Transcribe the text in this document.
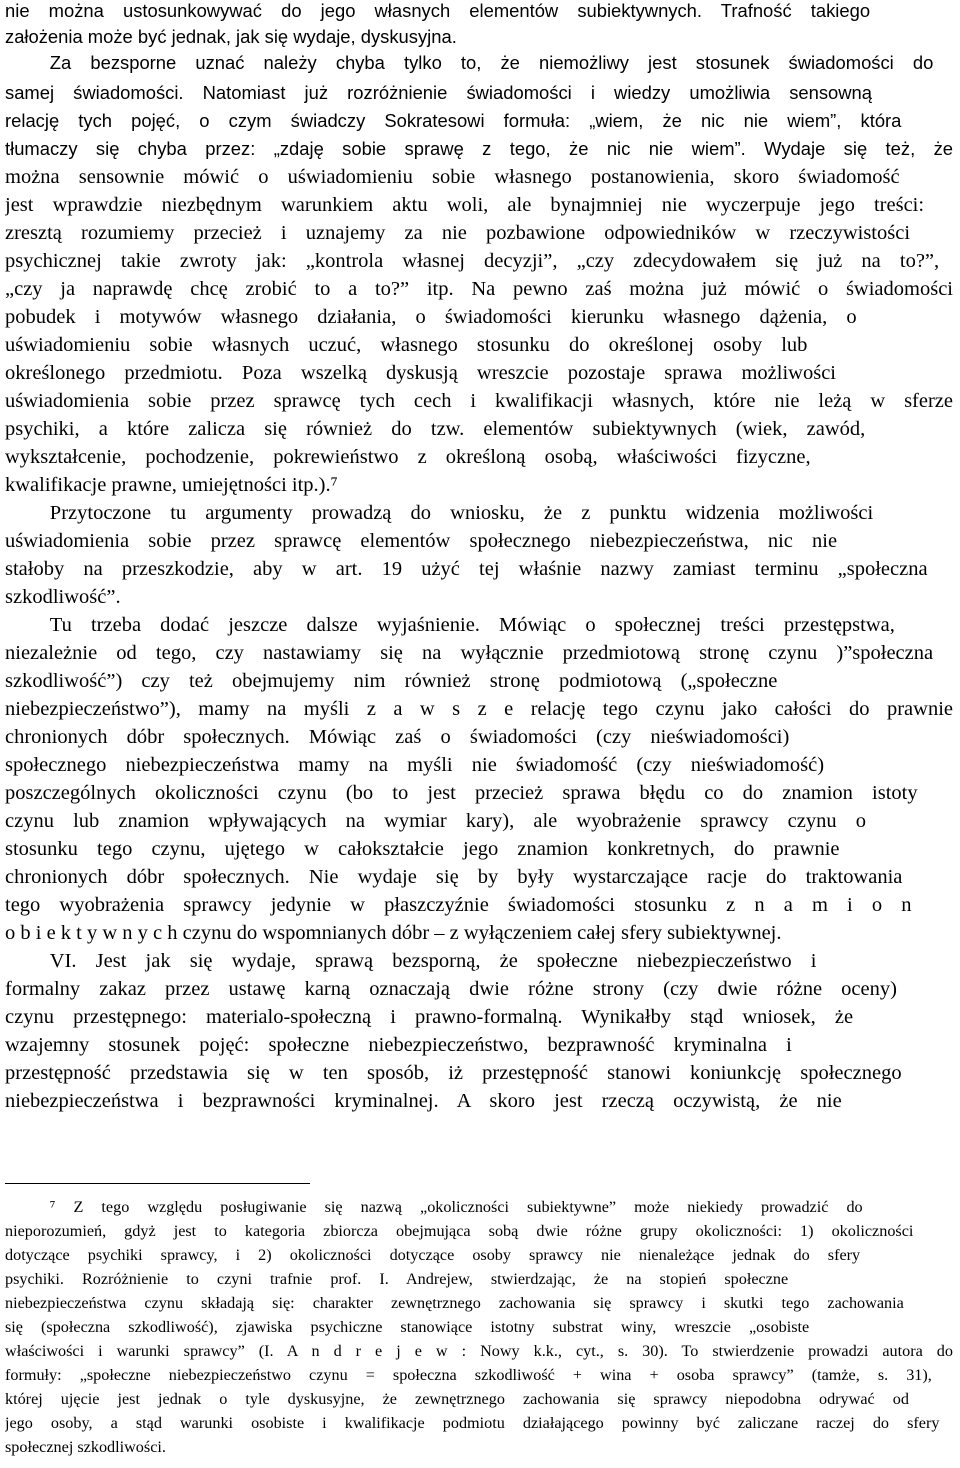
nie można ustosunkowywać do jego własnych elementów subiektywnych. Trafność takiego
założenia może być jednak, jak się wydaje, dyskusyjna.
Za bezsporne uznać należy chyba tylko to, że niemożliwy jest stosunek świadomości do
samej świadomości. Natomiast już rozróżnienie świadomości i wiedzy umożliwia sensowną
relację tych pojęć, o czym świadczy Sokratesowi formuła: „wiem, że nic nie wiem”, która
tłumaczy się chyba przez: „zdaję sobie sprawę z tego, że nic nie wiem”. Wydaje się też, że
można sensownie mówić o uświadomieniu sobie własnego postanowienia, skoro świadomość
jest wprawdzie niezbędnym warunkiem aktu woli, ale bynajmniej nie wyczerpuje jego treści:
zresztą rozumiemy przecież i uznajemy za nie pozbawione odpowiedników w rzeczywistości
psychicznej takie zwroty jak: „kontrola własnej decyzji”, „czy zdecydowałem się już na to?”,
„czy ja naprawdę chcę zrobić to a to?” itp. Na pewno zaś można już mówić o świadomości
pobudek i motywów własnego działania, o świadomości kierunku własnego dążenia, o
uświadomieniu sobie własnych uczuć, własnego stosunku do określonej osoby lub
określonego przedmiotu. Poza wszelką dyskusją wreszcie pozostaje sprawa możliwości
uświadomienia sobie przez sprawcę tych cech i kwalifikacji własnych, które nie leżą w sferze
psychiki, a które zalicza się również do tzw. elementów subiektywnych (wiek, zawód,
wykształcenie, pochodzenie, pokrewieństwo z określoną osobą, właściwości fizyczne,
kwalifikacje prawne, umiejętności itp.).⁷
Przytoczone tu argumenty prowadzą do wniosku, że z punktu widzenia możliwości
uświadomienia sobie przez sprawcę elementów społecznego niebezpieczeństwa, nic nie
stałoby na przeszkodzie, aby w art. 19 użyć tej właśnie nazwy zamiast terminu „społeczna
szkodliwość”.
Tu trzeba dodać jeszcze dalsze wyjaśnienie. Mówiąc o społecznej treści przestępstwa,
niezależnie od tego, czy nastawiamy się na wyłącznie przedmiotową stronę czynu )”społeczna
szkodliwość”) czy też obejmujemy nim również stronę podmiotową („społeczne
niebezpieczeństwo”), mamy na myśli z a w s z e relację tego czynu jako całości do prawnie
chronionych dóbr społecznych. Mówiąc zaś o świadomości (czy nieświadomości)
społecznego niebezpieczeństwa mamy na myśli nie świadomość (czy nieświadomość)
poszczególnych okoliczności czynu (bo to jest przecież sprawa błędu co do znamion istoty
czynu lub znamion wpływających na wymiar kary), ale wyobrażenie sprawcy czynu o
stosunku tego czynu, ujętego w całokształcie jego znamion konkretnych, do prawnie
chronionych dóbr społecznych. Nie wydaje się by były wystarczające racje do traktowania
tego wyobrażenia sprawcy jedynie w płaszczyźnie świadomości stosunku z n a m i o n
o b i e k t y w n y c h czynu do wspomnianych dóbr – z wyłączeniem całej sfery subiektywnej.
VI. Jest jak się wydaje, sprawą bezsporną, że społeczne niebezpieczeństwo i
formalny zakaz przez ustawę karną oznaczają dwie różne strony (czy dwie różne oceny)
czynu przestępnego: materialo-społeczną i prawno-formalną. Wynikałby stąd wniosek, że
wzajemny stosunek pojęć: społeczne niebezpieczeństwo, bezprawność kryminalna i
przestępność przedstawia się w ten sposób, iż przestępność stanowi koniunkcję społecznego
niebezpieczeństwa i bezprawności kryminalnej. A skoro jest rzeczą oczywistą, że nie
⁷ Z tego względu posługiwanie się nazwą „okoliczności subiektywne” może niekiedy prowadzić do
nieporozumień, gdyż jest to kategoria zbiorcza obejmująca sobą dwie różne grupy okoliczności: 1) okoliczności
dotyczące psychiki sprawcy, i 2) okoliczności dotyczące osoby sprawcy nie nienależące jednak do sfery
psychiki. Rozróżnienie to czyni trafnie prof. I. Andrejew, stwierdzając, że na stopień społeczne
niebezpieczeństwa czynu składają się: charakter zewnętrznego zachowania się sprawcy i skutki tego zachowania
się (społeczna szkodliwość), zjawiska psychiczne stanowiące istotny substrat winy, wreszcie „osobiste
właściwości i warunki sprawcy” (I. A n d r e j e w : Nowy k.k., cyt., s. 30). To stwierdzenie prowadzi autora do
formuły: „społeczne niebezpieczeństwo czynu = społeczna szkodliwość + wina + osoba sprawcy” (tamże, s. 31),
której ujęcie jest jednak o tyle dyskusyjne, że zewnętrznego zachowania się sprawcy niepodobna odrywać od
jego osoby, a stąd warunki osobiste i kwalifikacje podmiotu działającego powinny być zaliczane raczej do sfery
społecznej szkodliwości.
